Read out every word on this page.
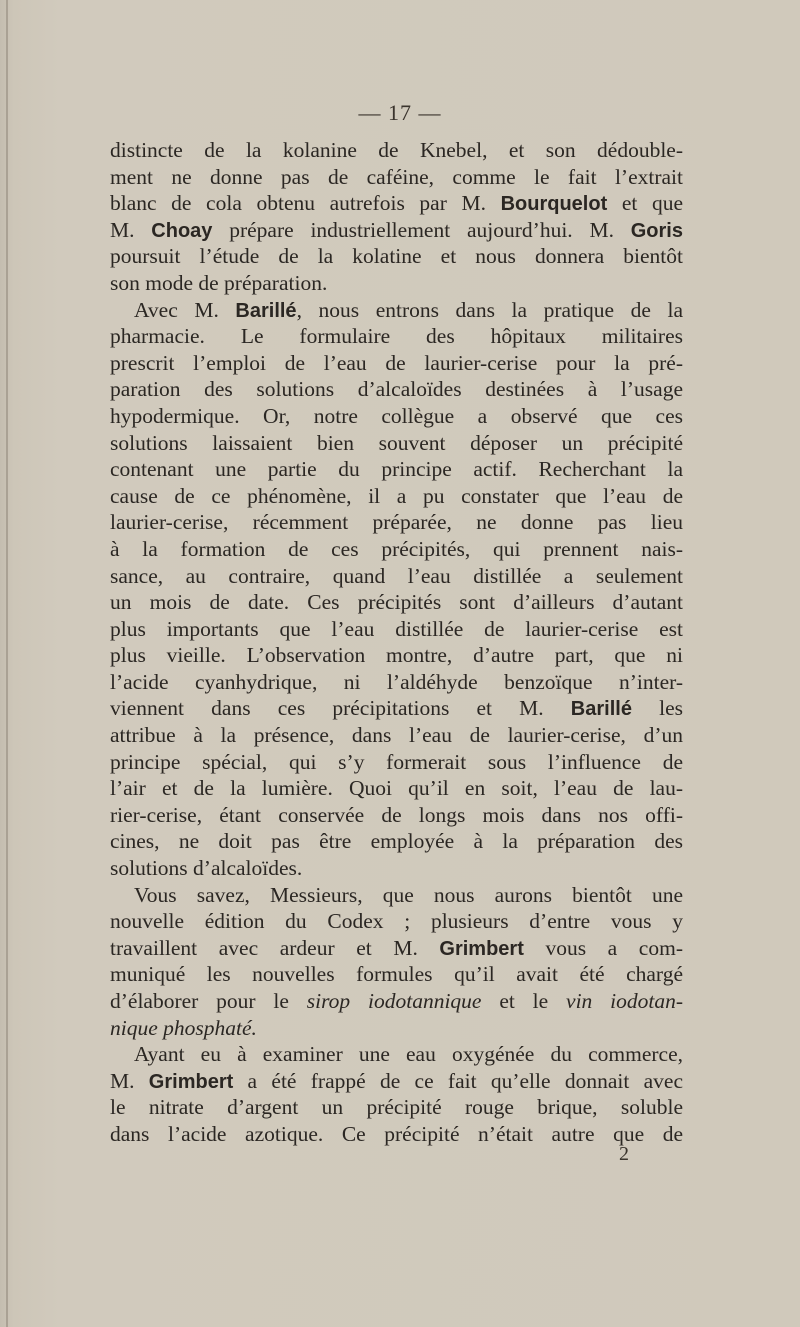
— 17 —
distincte de la kolanine de Knebel, et son dédouble-
ment ne donne pas de caféine, comme le fait l’extrait
blanc de cola obtenu autrefois par M. Bourquelot et que
M. Choay prépare industriellement aujourd’hui. M. Goris
poursuit l’étude de la kolatine et nous donnera bientôt
son mode de préparation.
Avec M. Barillé, nous entrons dans la pratique de la
pharmacie. Le formulaire des hôpitaux militaires
prescrit l’emploi de l’eau de laurier-cerise pour la pré-
paration des solutions d’alcaloïdes destinées à l’usage
hypodermique. Or, notre collègue a observé que ces
solutions laissaient bien souvent déposer un précipité
contenant une partie du principe actif. Recherchant la
cause de ce phénomène, il a pu constater que l’eau de
laurier-cerise, récemment préparée, ne donne pas lieu
à la formation de ces précipités, qui prennent nais-
sance, au contraire, quand l’eau distillée a seulement
un mois de date. Ces précipités sont d’ailleurs d’autant
plus importants que l’eau distillée de laurier-cerise est
plus vieille. L’observation montre, d’autre part, que ni
l’acide cyanhydrique, ni l’aldéhyde benzoïque n’inter-
viennent dans ces précipitations et M. Barillé les
attribue à la présence, dans l’eau de laurier-cerise, d’un
principe spécial, qui s’y formerait sous l’influence de
l’air et de la lumière. Quoi qu’il en soit, l’eau de lau-
rier-cerise, étant conservée de longs mois dans nos offi-
cines, ne doit pas être employée à la préparation des
solutions d’alcaloïdes.
Vous savez, Messieurs, que nous aurons bientôt une
nouvelle édition du Codex ; plusieurs d’entre vous y
travaillent avec ardeur et M. Grimbert vous a com-
muniqué les nouvelles formules qu’il avait été chargé
d’élaborer pour le sirop iodotannique et le vin iodotan-
nique phosphaté.
Ayant eu à examiner une eau oxygénée du commerce,
M. Grimbert a été frappé de ce fait qu’elle donnait avec
le nitrate d’argent un précipité rouge brique, soluble
dans l’acide azotique. Ce précipité n’était autre que de
2
